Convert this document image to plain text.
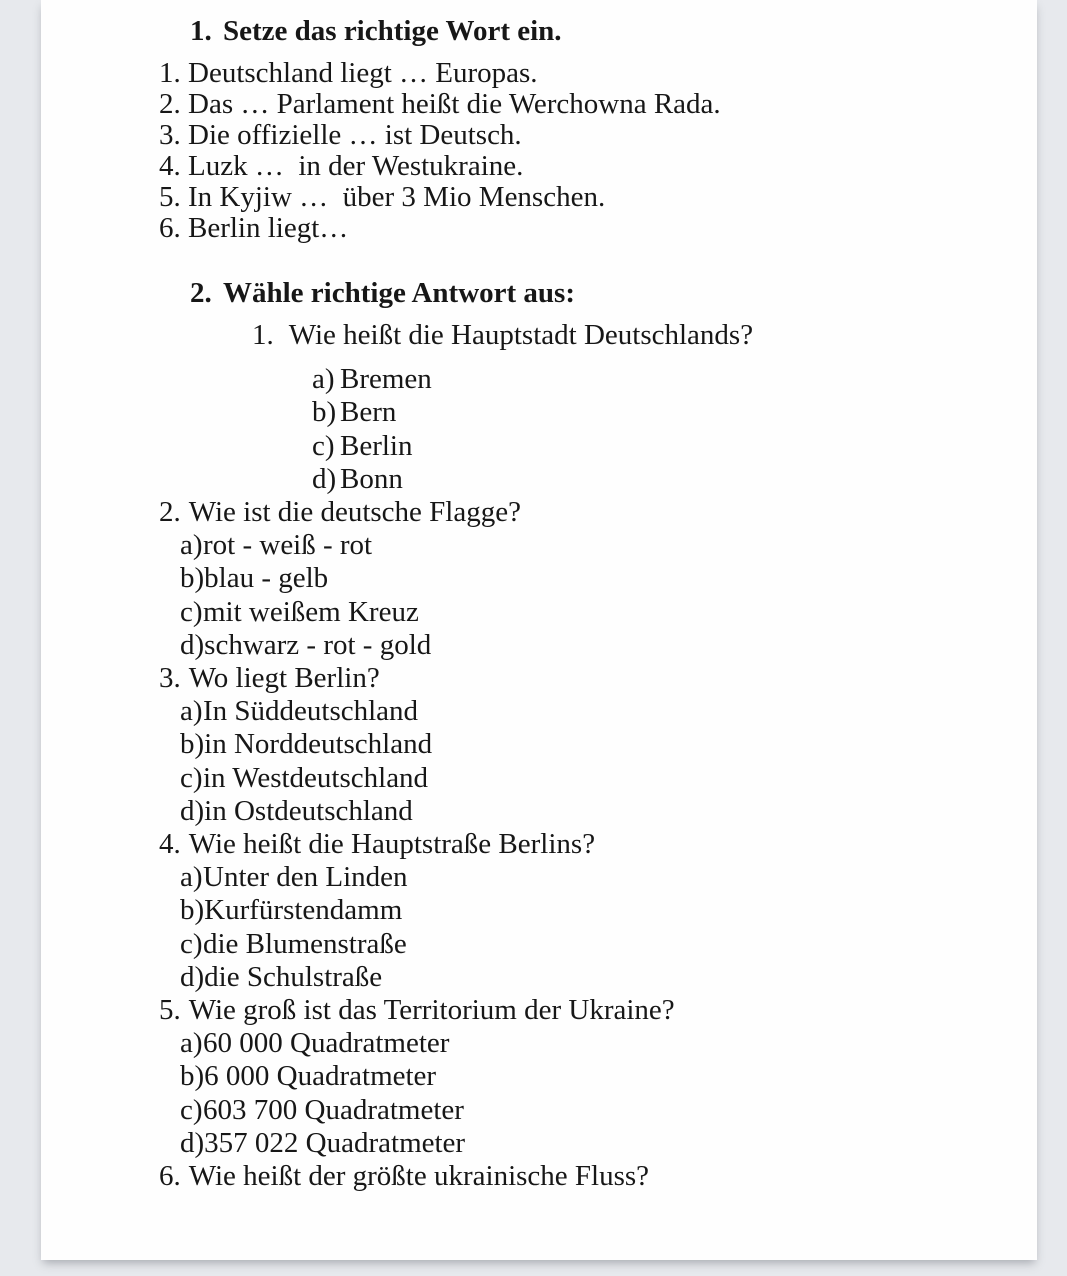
1. Setze das richtige Wort ein.

1. Deutschland liegt … Europas.

2. Das … Parlament heißt die Werchowna Rada.

3. Die offizielle … ist Deutsch.

4. Luzk …  in der Westukraine.

5. In Kyjiw …  über 3 Mio Menschen.

6. Berlin liegt…

2. Wähle richtige Antwort aus:

1. Wie heißt die Hauptstadt Deutschlands?

a) Bremen

b) Bern

c) Berlin

d) Bonn

2. Wie ist die deutsche Flagge?

a)rot - weiß - rot

b)blau - gelb

c)mit weißem Kreuz

d)schwarz - rot - gold

3. Wo liegt Berlin?

a)In Süddeutschland

b)in Norddeutschland

c)in Westdeutschland

d)in Ostdeutschland

4. Wie heißt die Hauptstraße Berlins?

a)Unter den Linden

b)Kurfürstendamm

c)die Blumenstraße

d)die Schulstraße

5. Wie groß ist das Territorium der Ukraine?

a)60 000 Quadratmeter

b)6 000 Quadratmeter

c)603 700 Quadratmeter

d)357 022 Quadratmeter

6. Wie heißt der größte ukrainische Fluss?
